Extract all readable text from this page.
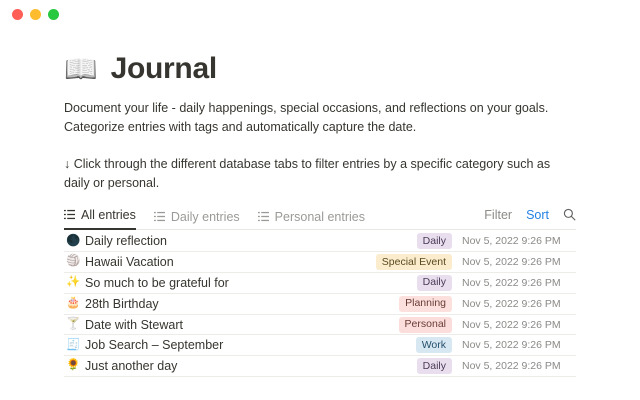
📖 Journal
Document your life - daily happenings, special occasions, and reflections on your goals.
Categorize entries with tags and automatically capture the date.
↓ Click through the different database tabs to filter entries by a specific category such as daily or personal.
All entries	Daily entries	Personal entries	Filter Sort
🌑 Daily reflection	Daily	Nov 5, 2022 9:26 PM
🏐 Hawaii Vacation	Special Event	Nov 5, 2022 9:26 PM
✨ So much to be grateful for	Daily	Nov 5, 2022 9:26 PM
🎂 28th Birthday	Planning	Nov 5, 2022 9:26 PM
🍸 Date with Stewart	Personal	Nov 5, 2022 9:26 PM
🧾 Job Search – September	Work	Nov 5, 2022 9:26 PM
🌻 Just another day	Daily	Nov 5, 2022 9:26 PM
